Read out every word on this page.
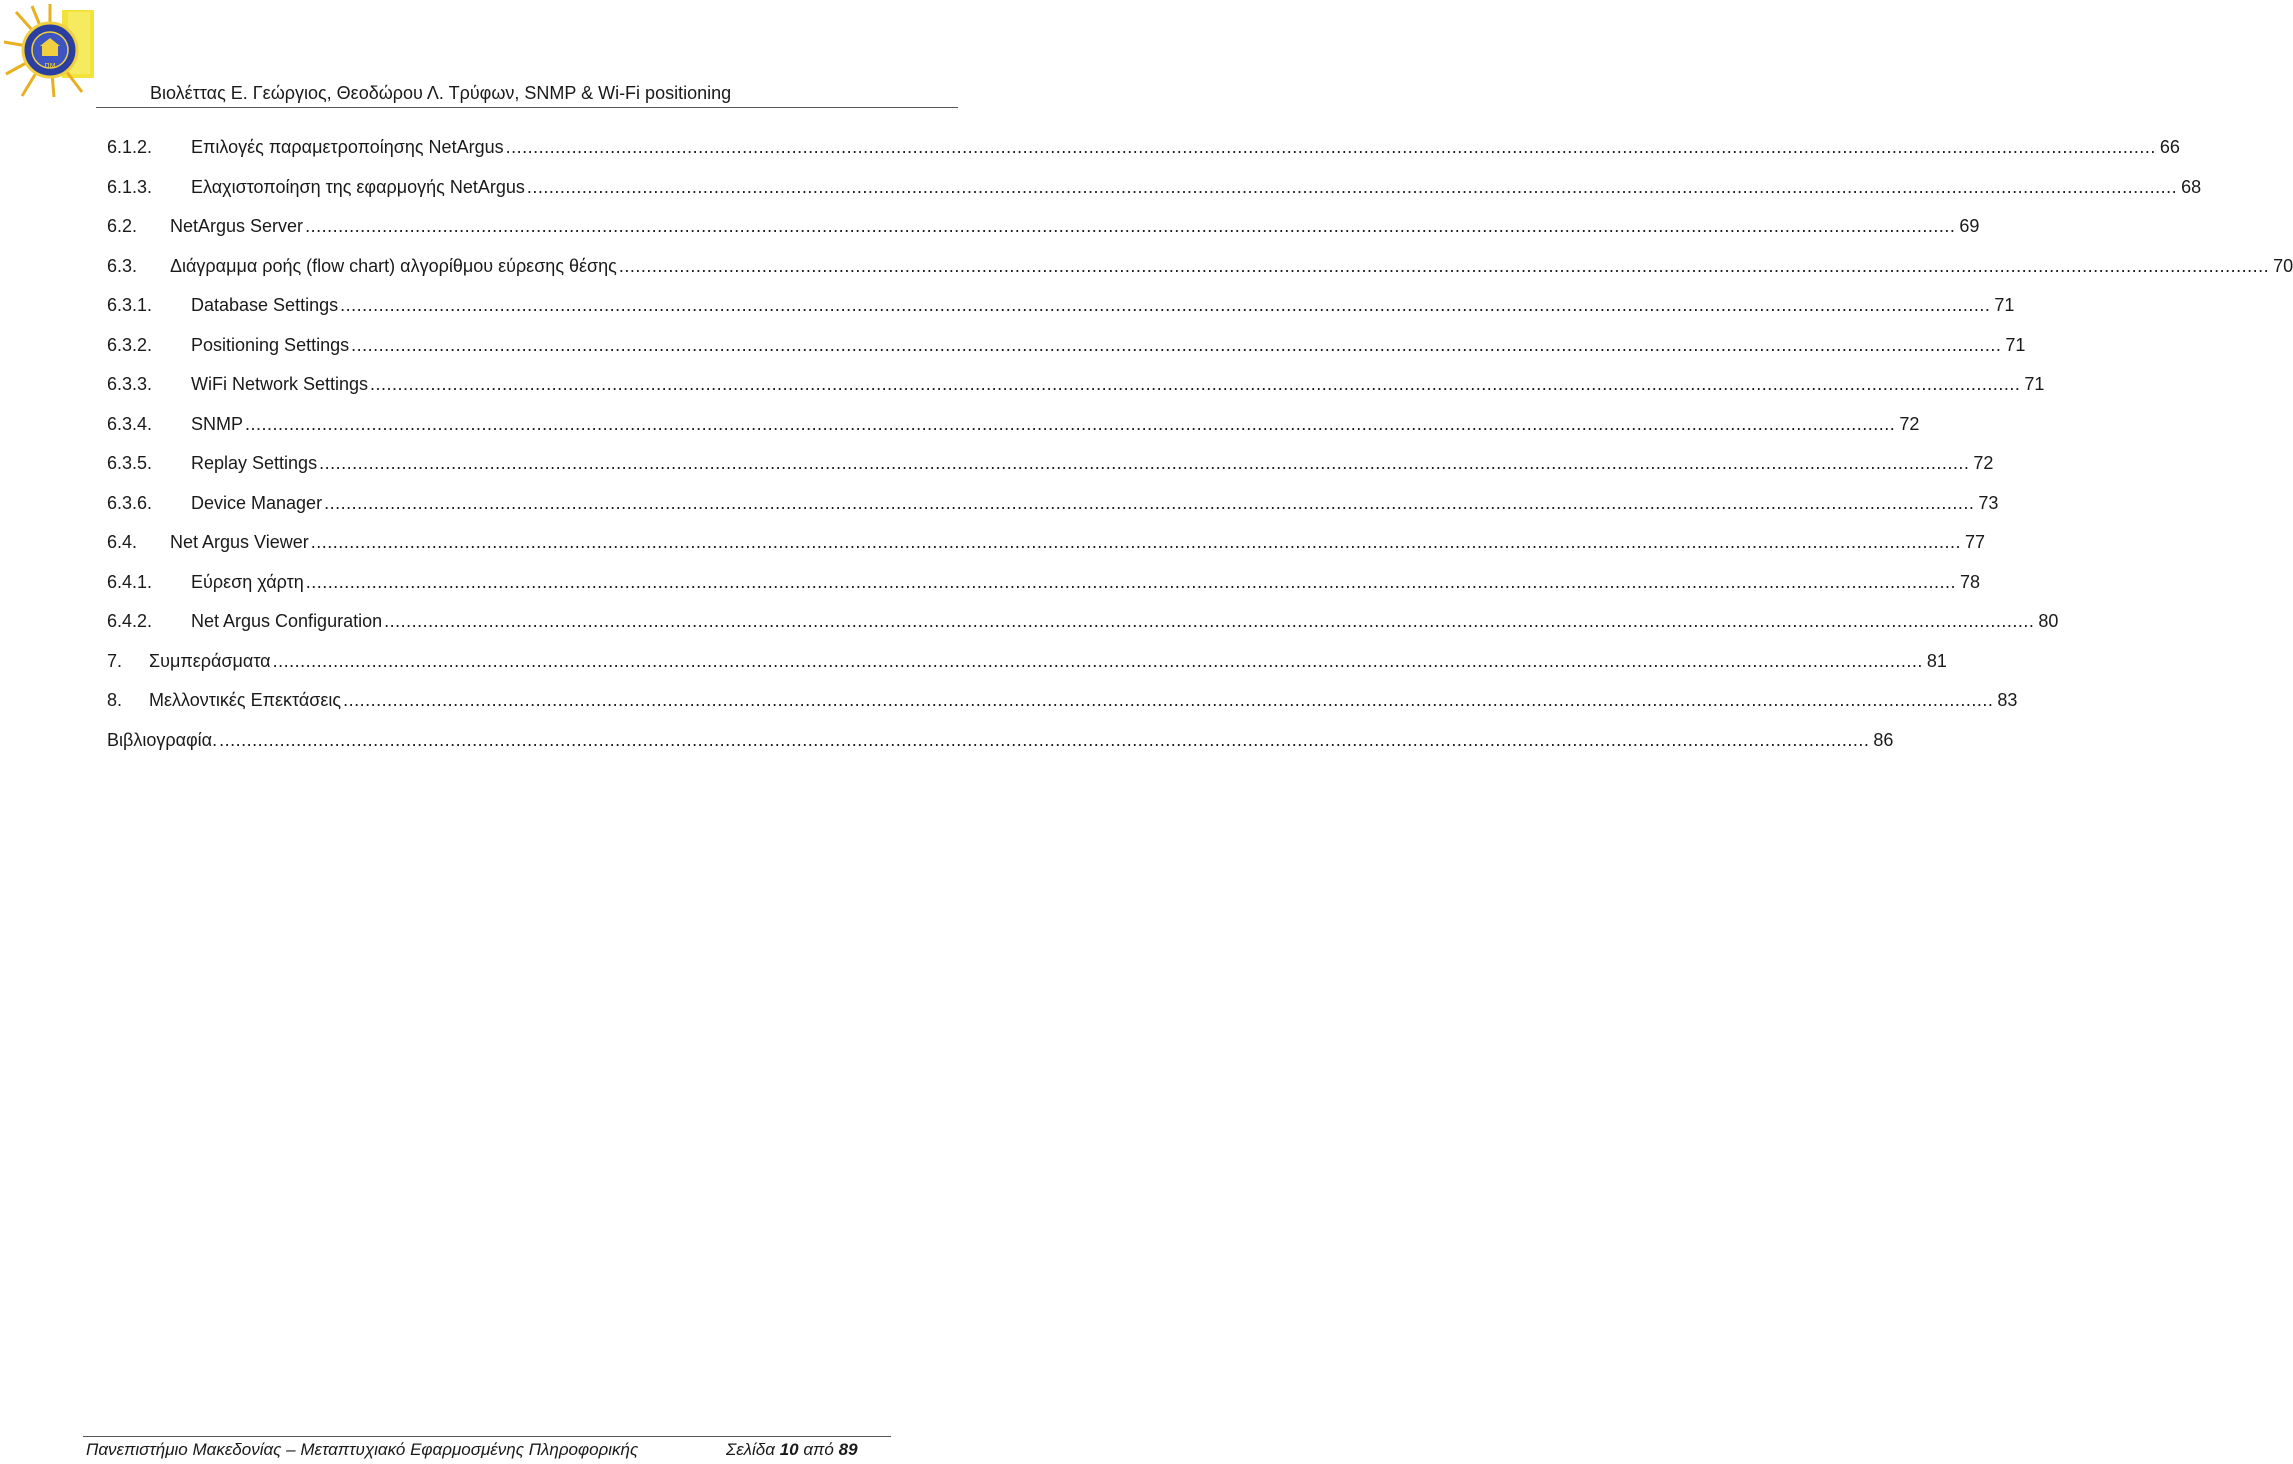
ΠΜ
Βιολέττας Ε. Γεώργιος, Θεοδώρου Λ. Τρύφων, SNMP & Wi-Fi positioning
6.1.2. Επιλογές παραμετροποίησης NetArgus ............................................................................................................................................................................................................................................................................................................ 66
6.1.3. Ελαχιστοποίηση της εφαρμογής NetArgus ............................................................................................................................................................................................................................................................................................................ 68
6.2. NetArgus Server ............................................................................................................................................................................................................................................................................................................ 69
6.3. Διάγραμμα ροής (flow chart) αλγορίθμου εύρεσης θέσης ............................................................................................................................................................................................................................................................................................................ 70
6.3.1. Database Settings ............................................................................................................................................................................................................................................................................................................ 71
6.3.2. Positioning Settings ............................................................................................................................................................................................................................................................................................................ 71
6.3.3. WiFi Network Settings ............................................................................................................................................................................................................................................................................................................ 71
6.3.4. SNMP ............................................................................................................................................................................................................................................................................................................ 72
6.3.5. Replay Settings ............................................................................................................................................................................................................................................................................................................ 72
6.3.6. Device Manager ............................................................................................................................................................................................................................................................................................................ 73
6.4. Net Argus Viewer ............................................................................................................................................................................................................................................................................................................ 77
6.4.1. Εύρεση χάρτη ............................................................................................................................................................................................................................................................................................................ 78
6.4.2. Net Argus Configuration ............................................................................................................................................................................................................................................................................................................ 80
7. Συμπεράσματα ............................................................................................................................................................................................................................................................................................................ 81
8. Μελλοντικές Επεκτάσεις ............................................................................................................................................................................................................................................................................................................ 83
Βιβλιογραφία. ............................................................................................................................................................................................................................................................................................................ 86
Πανεπιστήμιο Μακεδονίας – Μεταπτυχιακό Εφαρμοσμένης Πληροφορικής	Σελίδα 10 από 89
